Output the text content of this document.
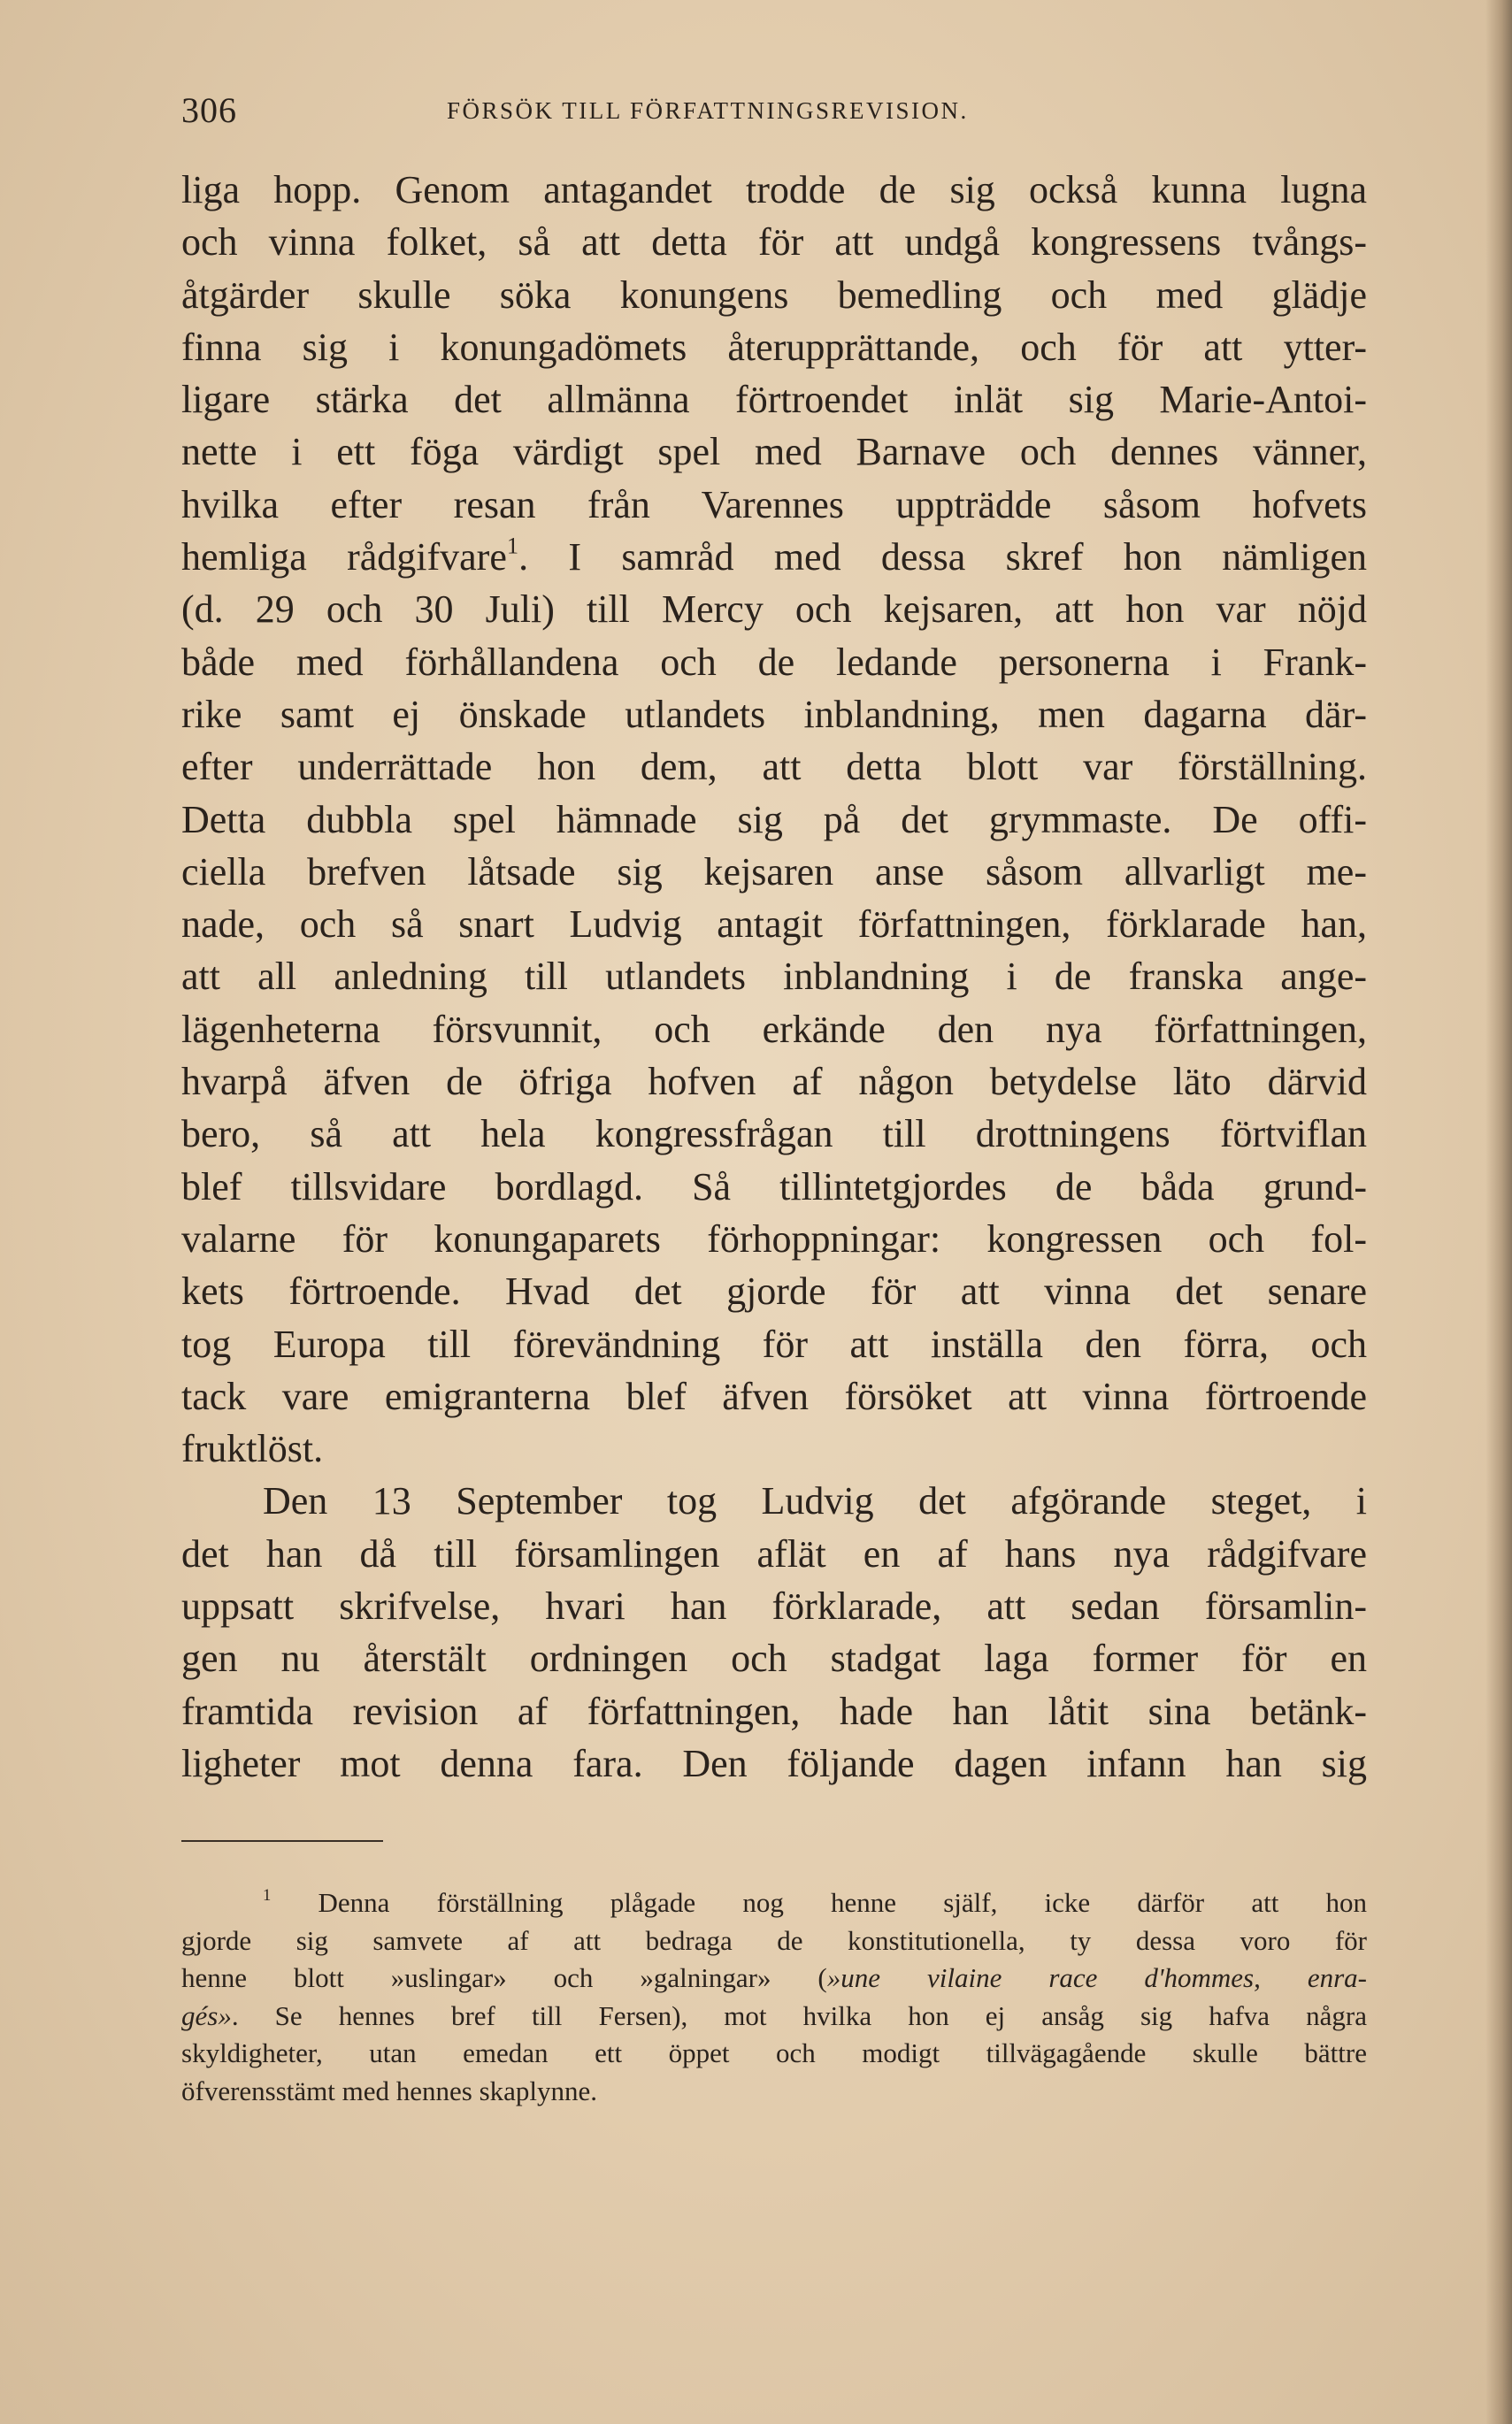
306	FÖRSÖK TILL FÖRFATTNINGSREVISION.
liga hopp. Genom antagandet trodde de sig också kunna lugna
och vinna folket, så att detta för att undgå kongressens tvångs-
åtgärder skulle söka konungens bemedling och med glädje
finna sig i konungadömets återupprättande, och för att ytter-
ligare stärka det allmänna förtroendet inlät sig Marie-Antoi-
nette i ett föga värdigt spel med Barnave och dennes vänner,
hvilka efter resan från Varennes uppträdde såsom hofvets
hemliga rådgifvare$^1$. I samråd med dessa skref hon nämligen
(d. 29 och 30 Juli) till Mercy och kejsaren, att hon var nöjd
både med förhållandena och de ledande personerna i Frank-
rike samt ej önskade utlandets inblandning, men dagarna där-
efter underrättade hon dem, att detta blott var förställning.
Detta dubbla spel hämnade sig på det grymmaste. De offi-
ciella brefven låtsade sig kejsaren anse såsom allvarligt me-
nade, och så snart Ludvig antagit författningen, förklarade han,
att all anledning till utlandets inblandning i de franska ange-
lägenheterna försvunnit, och erkände den nya författningen,
hvarpå äfven de öfriga hofven af någon betydelse läto därvid
bero, så att hela kongressfrågan till drottningens förtviflan
blef tillsvidare bordlagd. Så tillintetgjordes de båda grund-
valarne för konungaparets förhoppningar: kongressen och fol-
kets förtroende. Hvad det gjorde för att vinna det senare
tog Europa till förevändning för att inställa den förra, och
tack vare emigranterna blef äfven försöket att vinna förtroende
fruktlöst.
Den 13 September tog Ludvig det afgörande steget, i
det han då till församlingen aflät en af hans nya rådgifvare
uppsatt skrifvelse, hvari han förklarade, att sedan församlin-
gen nu återstält ordningen och stadgat laga former för en
framtida revision af författningen, hade han låtit sina betänk-
ligheter mot denna fara. Den följande dagen infann han sig
$^1$ Denna förställning plågade nog henne själf, icke därför att hon
gjorde sig samvete af att bedraga de konstitutionella, ty dessa voro för
henne blott »uslingar» och »galningar» (»une vilaine race d'hommes, enra-
gés». Se hennes bref till Fersen), mot hvilka hon ej ansåg sig hafva några
skyldigheter, utan emedan ett öppet och modigt tillvägagående skulle bättre
öfverensstämt med hennes skaplynne.
